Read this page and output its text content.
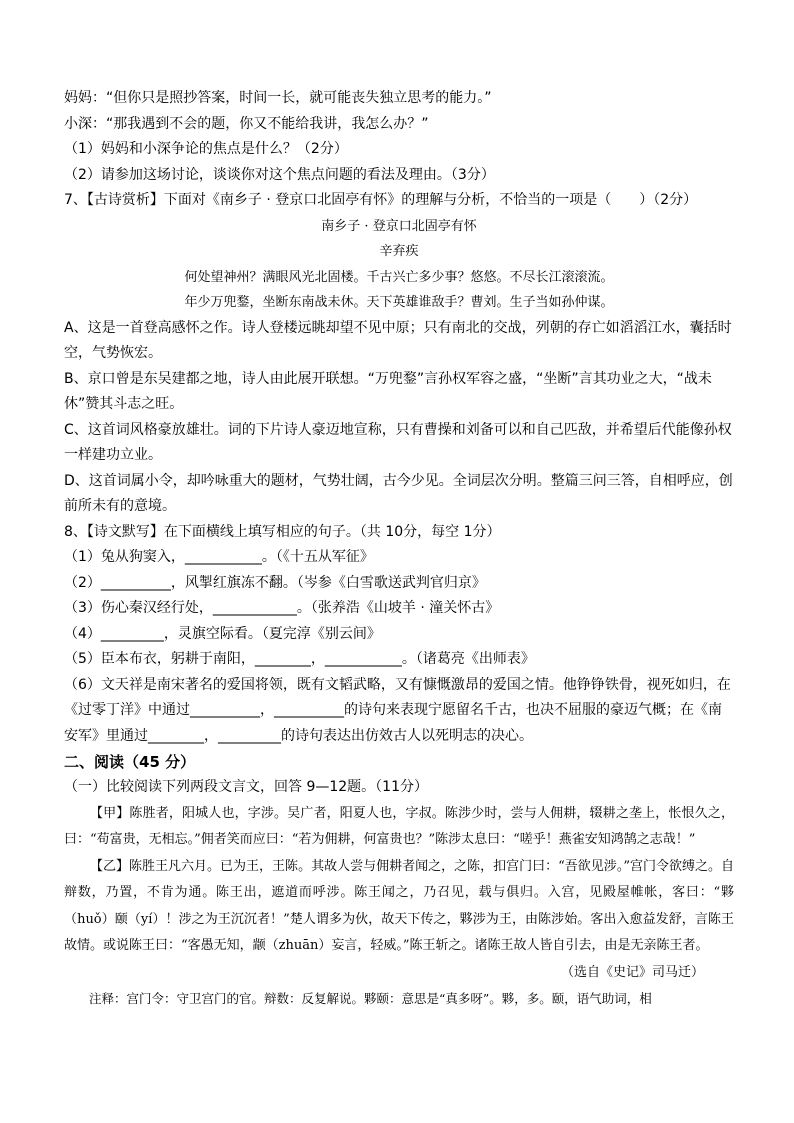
妈妈：“但你只是照抄答案，时间一长，就可能丧失独立思考的能力。”
小深：“那我遇到不会的题，你又不能给我讲，我怎么办？”
（1）妈妈和小深争论的焦点是什么？（2分）
（2）请参加这场讨论，谈谈你对这个焦点问题的看法及理由。（3分）
7、【古诗赏析】下面对《南乡子 · 登京口北固亭有怀》的理解与分析，不恰当的一项是（　　）（2分）
南乡子 · 登京口北固亭有怀
辛弃疾
何处望神州？满眼风光北固楼。千古兴亡多少事？悠悠。不尽长江滚滚流。
年少万兜鍪，坐断东南战未休。天下英雄谁敌手？曹刘。生子当如孙仲谋。
A、这是一首登高感怀之作。诗人登楼远眺却望不见中原；只有南北的交战，列朝的存亡如滔滔江水，囊括时空，气势恢宏。
B、京口曾是东吴建都之地，诗人由此展开联想。“万兜鍪”言孙权军容之盛，“坐断”言其功业之大，“战未休”赞其斗志之旺。
C、这首词风格豪放雄壮。词的下片诗人豪迈地宣称，只有曹操和刘备可以和自己匹敌，并希望后代能像孙权一样建功立业。
D、这首词属小令，却吟咏重大的题材，气势壮阔，古今少见。全词层次分明。整篇三问三答，自相呼应，创前所未有的意境。
8、【诗文默写】在下面横线上填写相应的句子。（共 10分，每空 1分）
（1）兔从狗窦入，___________。（《十五从军征》
（2）__________，风掣红旗冻不翻。（岑参《白雪歌送武判官归京》
（3）伤心秦汉经行处，____________。（张养浩《山坡羊 · 潼关怀古》
（4）_________，灵旗空际看。（夏完淳《别云间》
（5）臣本布衣，躬耕于南阳，________，___________。（诸葛亮《出师表》
（6）文天祥是南宋著名的爱国将领，既有文韬武略，又有慷慨激昂的爱国之情。他铮铮铁骨，视死如归，在《过零丁洋》中通过__________，__________的诗句来表现宁愿留名千古，也决不屈服的豪迈气概；在《南安军》里通过________，_________的诗句表达出仿效古人以死明志的决心。
二、阅读（45 分）
（一）比较阅读下列两段文言文，回答 9—12题。（11分）

【甲】陈胜者，阳城人也，字涉。吴广者，阳夏人也，字叔。陈涉少时，尝与人佣耕，辍耕之垄上，怅恨久之，曰：“苟富贵，无相忘。”佣者笑而应曰：“若为佣耕，何富贵也？”陈涉太息曰：“嗟乎！燕雀安知鸿鹄之志哉！”

【乙】陈胜王凡六月。已为王，王陈。其故人尝与佣耕者闻之，之陈，扣宫门曰：“吾欲见涉。”宫门令欲缚之。自辩数，乃置，不肯为通。陈王出，遮道而呼涉。陈王闻之，乃召见，载与俱归。入宫，见殿屋帷帐，客曰：“夥（huǒ）颐（yí）！涉之为王沉沉者！”楚人谓多为伙，故天下传之，夥涉为王，由陈涉始。客出入愈益发舒，言陈王故情。或说陈王曰：“客愚无知，颛（zhuān）妄言，轻威。”陈王斩之。诸陈王故人皆自引去，由是无亲陈王者。

（选自《史记》司马迁）
注释：宫门令：守卫宫门的官。辩数：反复解说。夥颐：意思是“真多呀”。夥，多。颐，语气助词，相
